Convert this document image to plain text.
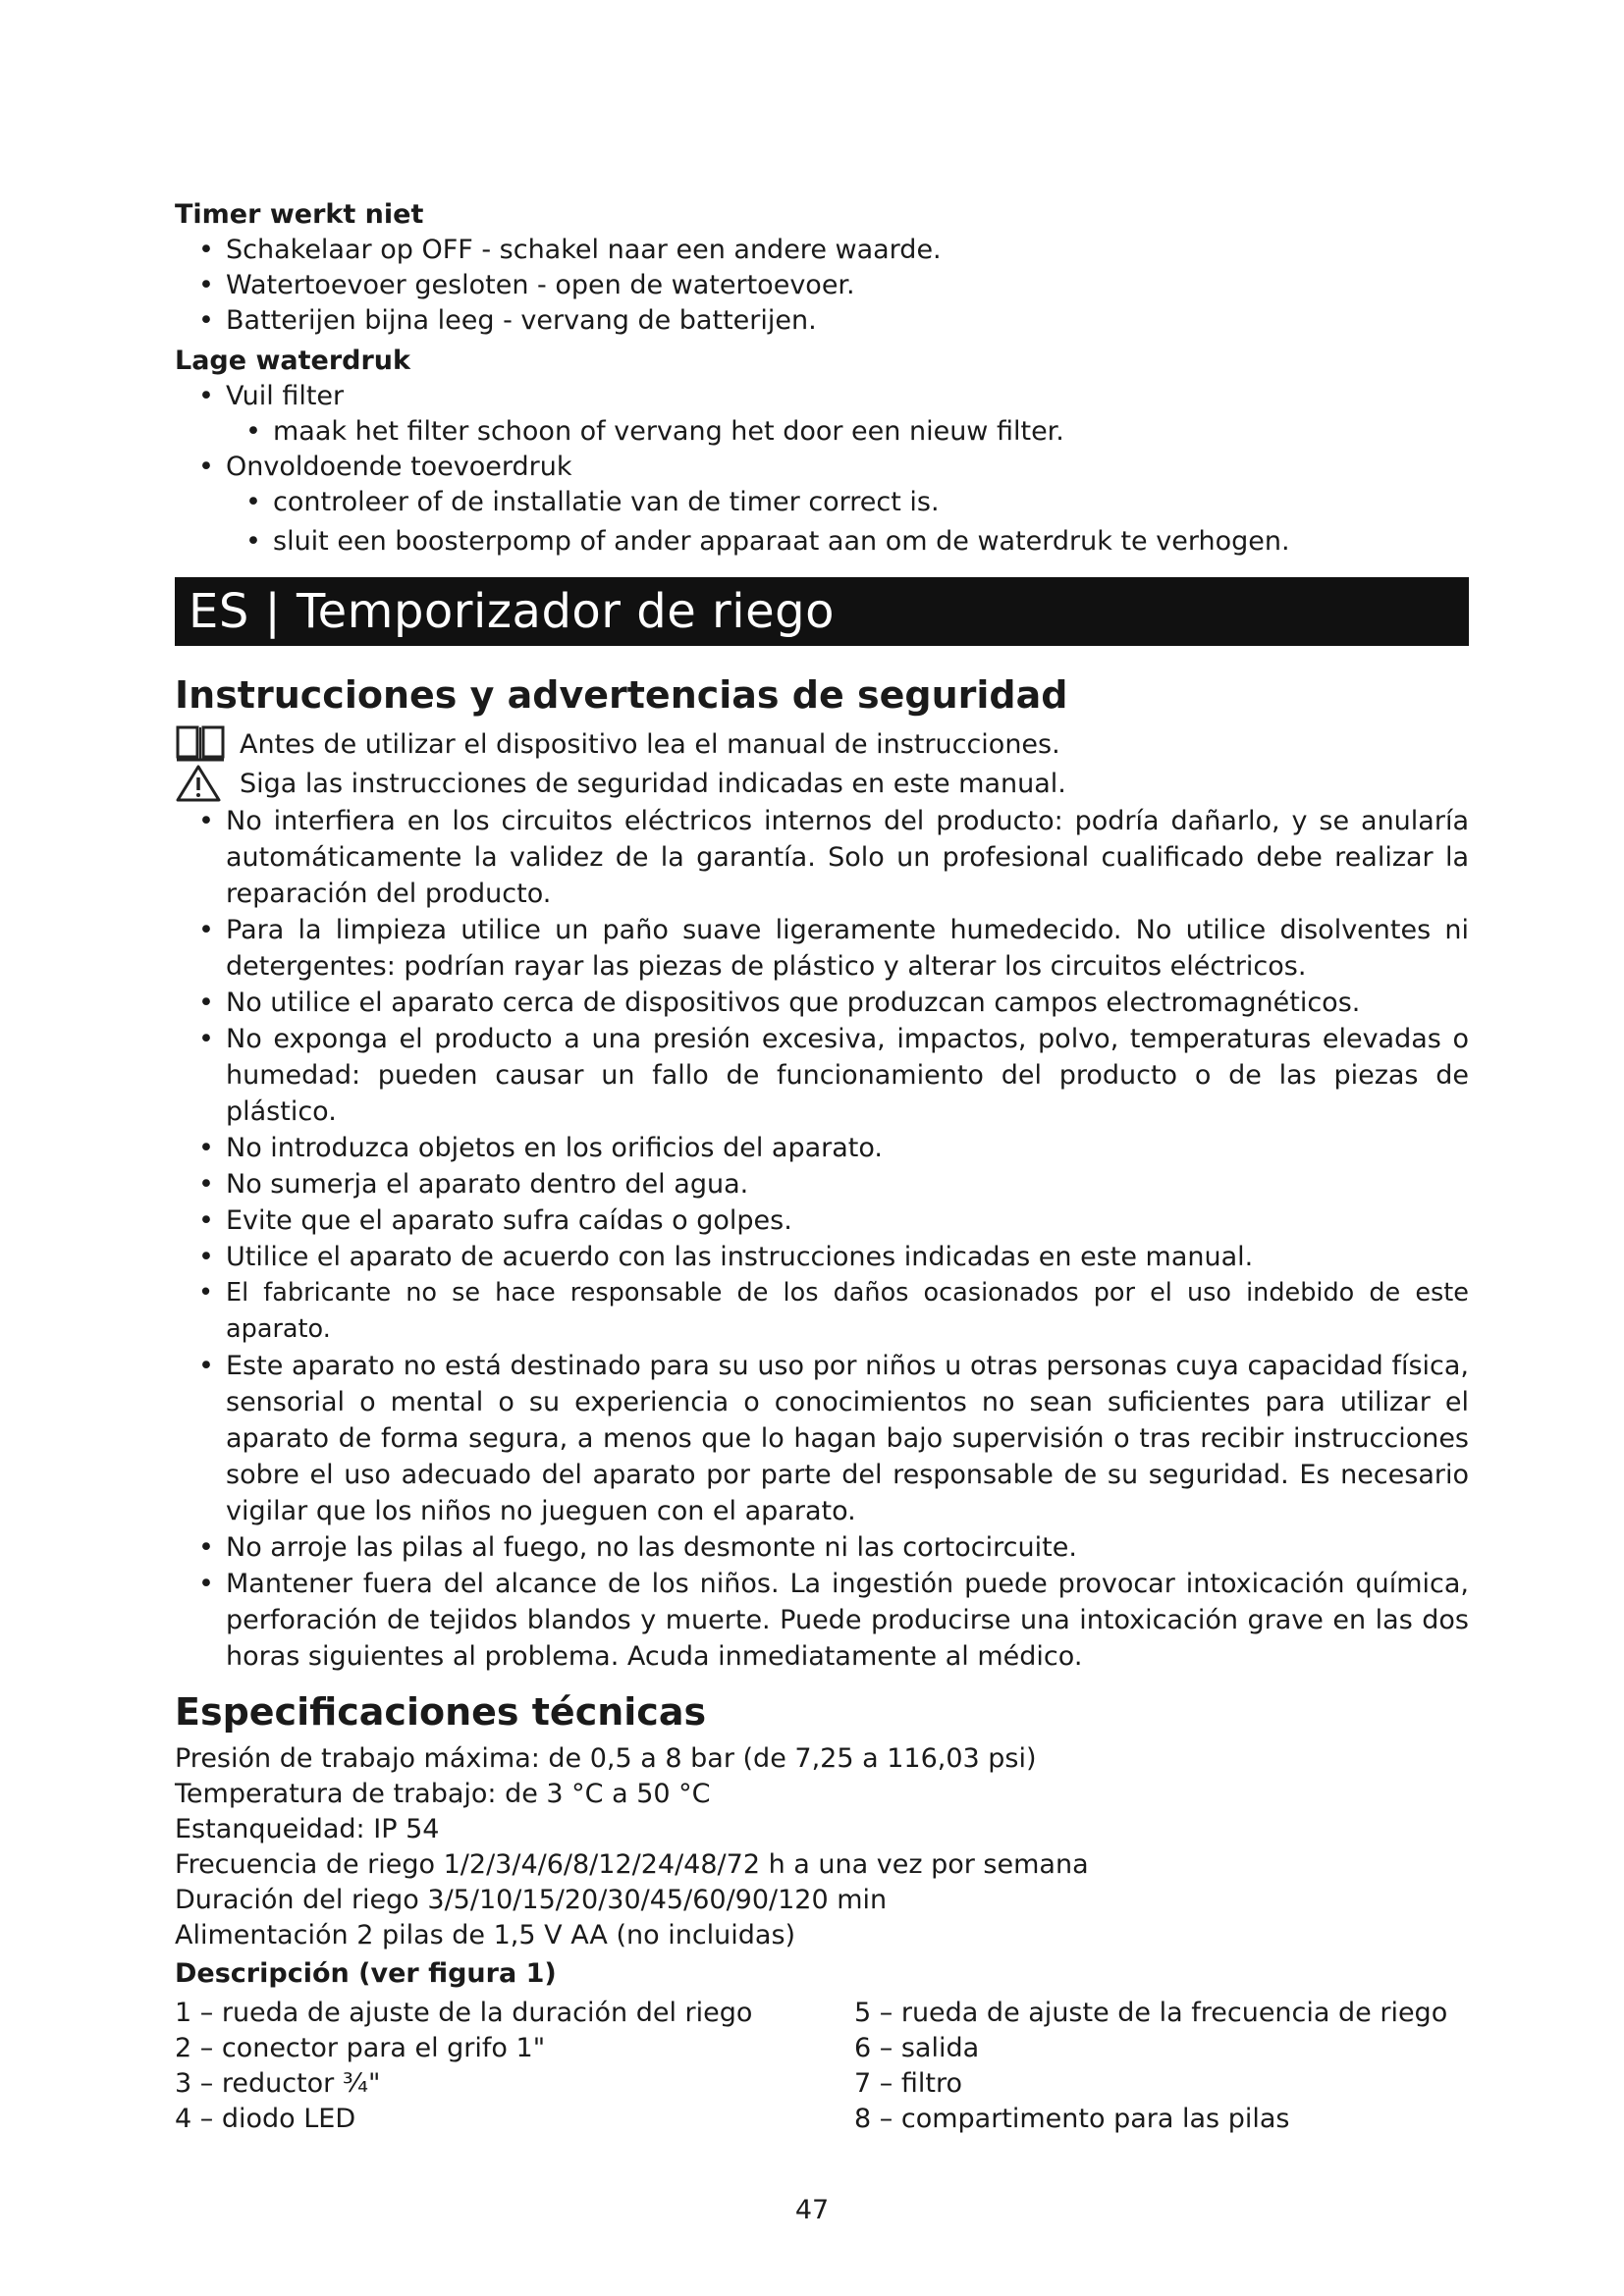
Timer werkt niet
• Schakelaar op OFF - schakel naar een andere waarde.
• Watertoevoer gesloten - open de watertoevoer.
• Batterijen bijna leeg - vervang de batterijen.
Lage waterdruk
• Vuil filter
• maak het filter schoon of vervang het door een nieuw filter.
• Onvoldoende toevoerdruk
• controleer of de installatie van de timer correct is.
• sluit een boosterpomp of ander apparaat aan om de waterdruk te verhogen.
ES | Temporizador de riego
Instrucciones y advertencias de seguridad
Antes de utilizar el dispositivo lea el manual de instrucciones.
Siga las instrucciones de seguridad indicadas en este manual.
• No interfiera en los circuitos eléctricos internos del producto: podría dañarlo, y se anularía automáticamente la validez de la garantía. Solo un profesional cualificado debe realizar la reparación del producto.
• Para la limpieza utilice un paño suave ligeramente humedecido. No utilice disolventes ni detergentes: podrían rayar las piezas de plástico y alterar los circuitos eléctricos.
• No utilice el aparato cerca de dispositivos que produzcan campos electromagnéticos.
• No exponga el producto a una presión excesiva, impactos, polvo, temperaturas elevadas o humedad: pueden causar un fallo de funcionamiento del producto o de las piezas de plástico.
• No introduzca objetos en los orificios del aparato.
• No sumerja el aparato dentro del agua.
• Evite que el aparato sufra caídas o golpes.
• Utilice el aparato de acuerdo con las instrucciones indicadas en este manual.
• El fabricante no se hace responsable de los daños ocasionados por el uso indebido de este aparato.
• Este aparato no está destinado para su uso por niños u otras personas cuya capacidad física, sensorial o mental o su experiencia o conocimientos no sean suficientes para utilizar el aparato de forma segura, a menos que lo hagan bajo supervisión o tras recibir instrucciones sobre el uso adecuado del aparato por parte del responsable de su seguridad. Es necesario vigilar que los niños no jueguen con el aparato.
• No arroje las pilas al fuego, no las desmonte ni las cortocircuite.
• Mantener fuera del alcance de los niños. La ingestión puede provocar intoxicación química, perforación de tejidos blandos y muerte. Puede producirse una intoxicación grave en las dos horas siguientes al problema. Acuda inmediatamente al médico.
Especificaciones técnicas
Presión de trabajo máxima: de 0,5 a 8 bar (de 7,25 a 116,03 psi)
Temperatura de trabajo: de 3 °C a 50 °C
Estanqueidad: IP 54
Frecuencia de riego 1/2/3/4/6/8/12/24/48/72 h a una vez por semana
Duración del riego 3/5/10/15/20/30/45/60/90/120 min
Alimentación 2 pilas de 1,5 V AA (no incluidas)
Descripción (ver figura 1)
1 – rueda de ajuste de la duración del riego	5 – rueda de ajuste de la frecuencia de riego
2 – conector para el grifo 1"	6 – salida
3 – reductor ¾"	7 – filtro
4 – diodo LED	8 – compartimento para las pilas
47
